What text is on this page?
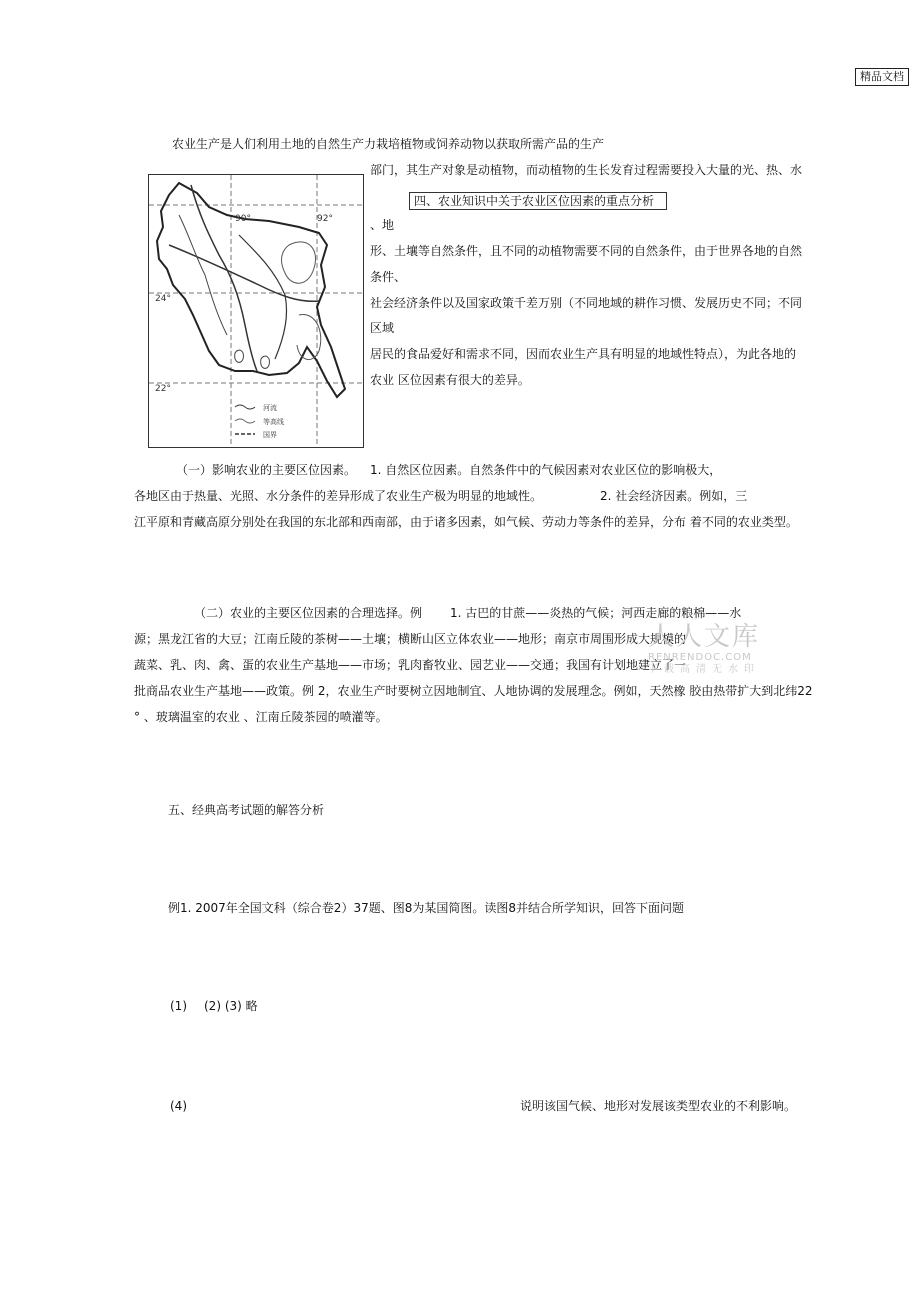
精品文档
农业生产是人们利用土地的自然生产力栽培植物或饲养动物以获取所需产品的生产
部门，其生产对象是动植物，而动植物的生长发育过程需要投入大量的光、热、水
四、农业知识中关于农业区位因素的重点分析
、地
形、土壤等自然条件，且不同的动植物需要不同的自然条件，由于世界各地的自然
条件、
社会经济条件以及国家政策千差万别（不同地域的耕作习惯、发展历史不同；不同
区域
居民的食品爱好和需求不同，因而农业生产具有明显的地域性特点），为此各地的
农业 区位因素有很大的差异。
90°	92°
24°
22°
河流
等高线
国界
（一）影响农业的主要区位因素。 1. 自然区位因素。自然条件中的气候因素对农业区位的影响极大，
各地区由于热量、光照、水分条件的差异形成了农业生产极为明显的地域性。	2. 社会经济因素。例如，三
江平原和青藏高原分别处在我国的东北部和西南部，由于诸多因素，如气候、劳动力等条件的差异，分布 着不同的农业类型。
（二）农业的主要区位因素的合理选择。例 1. 古巴的甘蔗——炎热的气候；河西走廊的粮棉——水
源；黑龙江省的大豆；江南丘陵的茶树——土壤；横断山区立体农业——地形；南京市周围形成大规模的
蔬菜、乳、肉、禽、蛋的农业生产基地——市场；乳肉畜牧业、园艺业——交通；我国有计划地建立了一
批商品农业生产基地——政策。例 2，农业生产时要树立因地制宜、人地协调的发展理念。例如，天然橡 胶由热带扩大到北纬22
° 、玻璃温室的农业 、江南丘陵茶园的喷灌等。
人人文库
RENRENDOC.COM
下载高清无水印
五、经典高考试题的解答分析
例1. 2007年全国文科（综合卷2）37题、图8为某国简图。读图8并结合所学知识，回答下面问题
(1) (2) (3) 略
(4)	说明该国气候、地形对发展该类型农业的不利影响。
